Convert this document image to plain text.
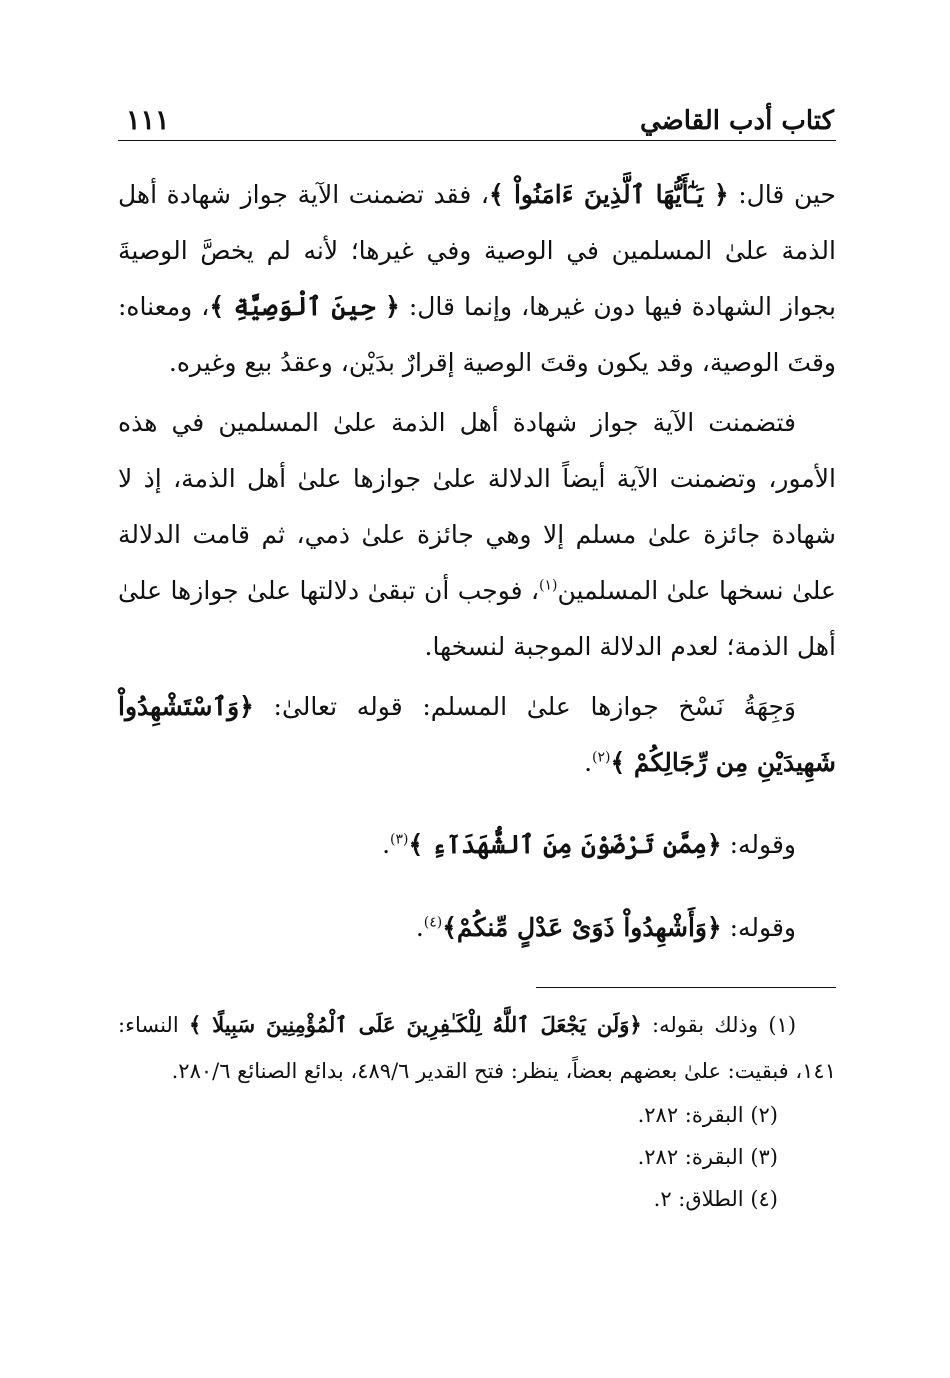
كتاب أدب القاضي
١١١

حين قال: ﴿ يَـٰٓأَيُّهَا ٱلَّذِينَ ءَامَنُواْ ﴾، فقد تضمنت الآية جواز شهادة أهل الذمة علىٰ المسلمين في الوصية وفي غيرها؛ لأنه لم يخصَّ الوصيةَ بجواز الشهادة فيها دون غيرها، وإنما قال: ﴿ حِينَ ٱلْوَصِيَّةِ ﴾، ومعناه: وقتَ الوصية، وقد يكون وقتَ الوصية إقرارٌ بدَيْن، وعقدُ بيع وغيره.

فتضمنت الآية جواز شهادة أهل الذمة علىٰ المسلمين في هذه الأمور، وتضمنت الآية أيضاً الدلالة علىٰ جوازها علىٰ أهل الذمة، إذ لا شهادة جائزة علىٰ مسلم إلا وهي جائزة علىٰ ذمي، ثم قامت الدلالة علىٰ نسخها علىٰ المسلمين$^{(١)}$، فوجب أن تبقىٰ دلالتها علىٰ جوازها علىٰ أهل الذمة؛ لعدم الدلالة الموجبة لنسخها.

وَجِهَةُ نَسْخ جوازها علىٰ المسلم: قوله تعالىٰ: ﴿وَٱسْتَشْهِدُواْ شَهِيدَيْنِ مِن رِّجَالِكُمْ ﴾$^{(٢)}$.

وقوله: ﴿مِمَّن تَرْضَوْنَ مِنَ ٱلشُّهَدَآءِ ﴾$^{(٣)}$.

وقوله: ﴿وَأَشْهِدُواْ ذَوَىْ عَدْلٍ مِّنكُمْ﴾$^{(٤)}$.

(١) وذلك بقوله: ﴿وَلَن يَجْعَلَ ٱللَّهُ لِلْكَـٰفِرِينَ عَلَى ٱلْمُؤْمِنِينَ سَبِيلًا ﴾ النساء: ١٤١، فبقيت: علىٰ بعضهم بعضاً، ينظر: فتح القدير ٤٨٩/٦، بدائع الصنائع ٢٨٠/٦.

(٢) البقرة: ٢٨٢.

(٣) البقرة: ٢٨٢.

(٤) الطلاق: ٢.
